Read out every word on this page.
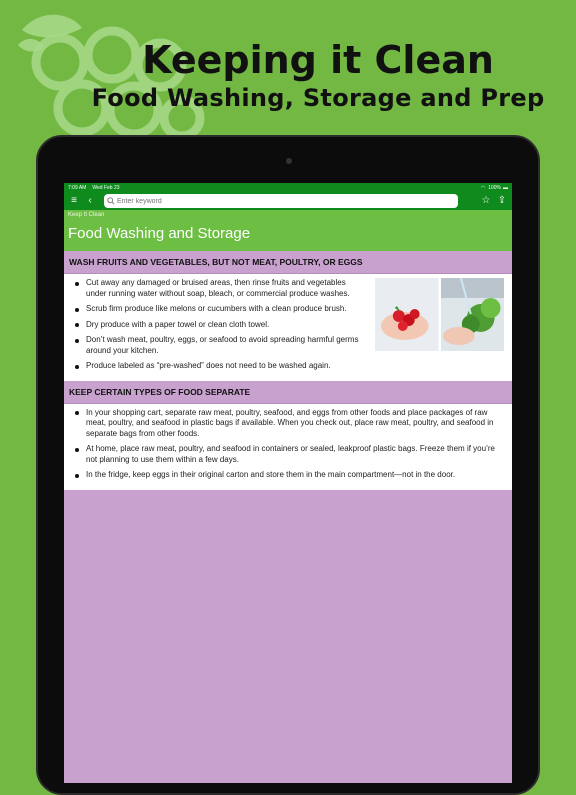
Keeping it Clean
Food Washing, Storage and Prep
7:09 AM Wed Feb 23	◠ 100% ▬
≡	‹
Enter keyword	☆ ⇪
Keep It Clean
Food Washing and Storage
WASH FRUITS AND VEGETABLES, BUT NOT MEAT, POULTRY, OR EGGS
Cut away any damaged or bruised areas, then rinse fruits and vegetables under running water without soap, bleach, or commercial produce washes.
Scrub firm produce like melons or cucumbers with a clean produce brush.
Dry produce with a paper towel or clean cloth towel.
Don’t wash meat, poultry, eggs, or seafood to avoid spreading harmful germs around your kitchen.
Produce labeled as “pre-washed” does not need to be washed again.
KEEP CERTAIN TYPES OF FOOD SEPARATE
In your shopping cart, separate raw meat, poultry, seafood, and eggs from other foods and place packages of raw meat, poultry, and seafood in plastic bags if available. When you check out, place raw meat, poultry, and seafood in separate bags from other foods.
At home, place raw meat, poultry, and seafood in containers or sealed, leakproof plastic bags. Freeze them if you’re not planning to use them within a few days.
In the fridge, keep eggs in their original carton and store them in the main compartment—not in the door.
